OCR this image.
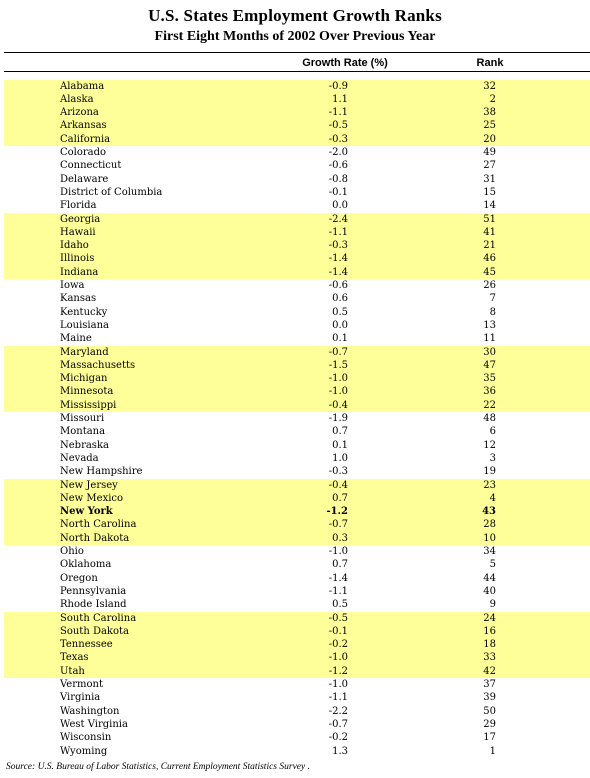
U.S. States Employment Growth Ranks
First Eight Months of 2002 Over Previous Year
Growth Rate (%)	Rank
Alabama	-0.9	32
Alaska	1.1	2
Arizona	-1.1	38
Arkansas	-0.5	25
California	-0.3	20
Colorado	-2.0	49
Connecticut	-0.6	27
Delaware	-0.8	31
District of Columbia	-0.1	15
Florida	0.0	14
Georgia	-2.4	51
Hawaii	-1.1	41
Idaho	-0.3	21
Illinois	-1.4	46
Indiana	-1.4	45
Iowa	-0.6	26
Kansas	0.6	7
Kentucky	0.5	8
Louisiana	0.0	13
Maine	0.1	11
Maryland	-0.7	30
Massachusetts	-1.5	47
Michigan	-1.0	35
Minnesota	-1.0	36
Mississippi	-0.4	22
Missouri	-1.9	48
Montana	0.7	6
Nebraska	0.1	12
Nevada	1.0	3
New Hampshire	-0.3	19
New Jersey	-0.4	23
New Mexico	0.7	4
New York	-1.2	43
North Carolina	-0.7	28
North Dakota	0.3	10
Ohio	-1.0	34
Oklahoma	0.7	5
Oregon	-1.4	44
Pennsylvania	-1.1	40
Rhode Island	0.5	9
South Carolina	-0.5	24
South Dakota	-0.1	16
Tennessee	-0.2	18
Texas	-1.0	33
Utah	-1.2	42
Vermont	-1.0	37
Virginia	-1.1	39
Washington	-2.2	50
West Virginia	-0.7	29
Wisconsin	-0.2	17
Wyoming	1.3	1
Source: U.S. Bureau of Labor Statistics, Current Employment Statistics Survey .
